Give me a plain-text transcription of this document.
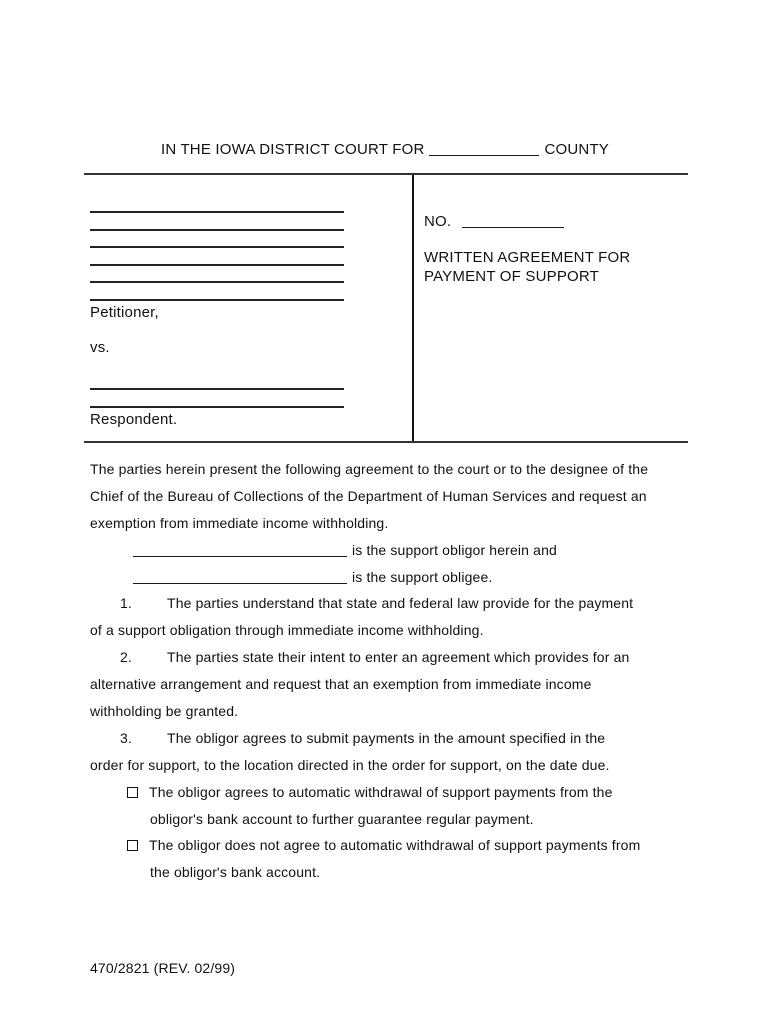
IN THE IOWA DISTRICT COURT FOR	COUNTY
Petitioner,
vs.
Respondent.
NO.
WRITTEN AGREEMENT FOR
PAYMENT OF SUPPORT
The parties herein present the following agreement to the court or to the designee of the
Chief of the Bureau of Collections of the Department of Human Services and request an
exemption from immediate income withholding.
is the support obligor herein and
is the support obligee.
1.	The parties understand that state and federal law provide for the payment
of a support obligation through immediate income withholding.
2.	The parties state their intent to enter an agreement which provides for an
alternative arrangement and request that an exemption from immediate income
withholding be granted.
3.	The obligor agrees to submit payments in the amount specified in the
order for support, to the location directed in the order for support, on the date due.
The obligor agrees to automatic withdrawal of support payments from the
obligor's bank account to further guarantee regular payment.
The obligor does not agree to automatic withdrawal of support payments from
the obligor's bank account.
470/2821 (REV. 02/99)
